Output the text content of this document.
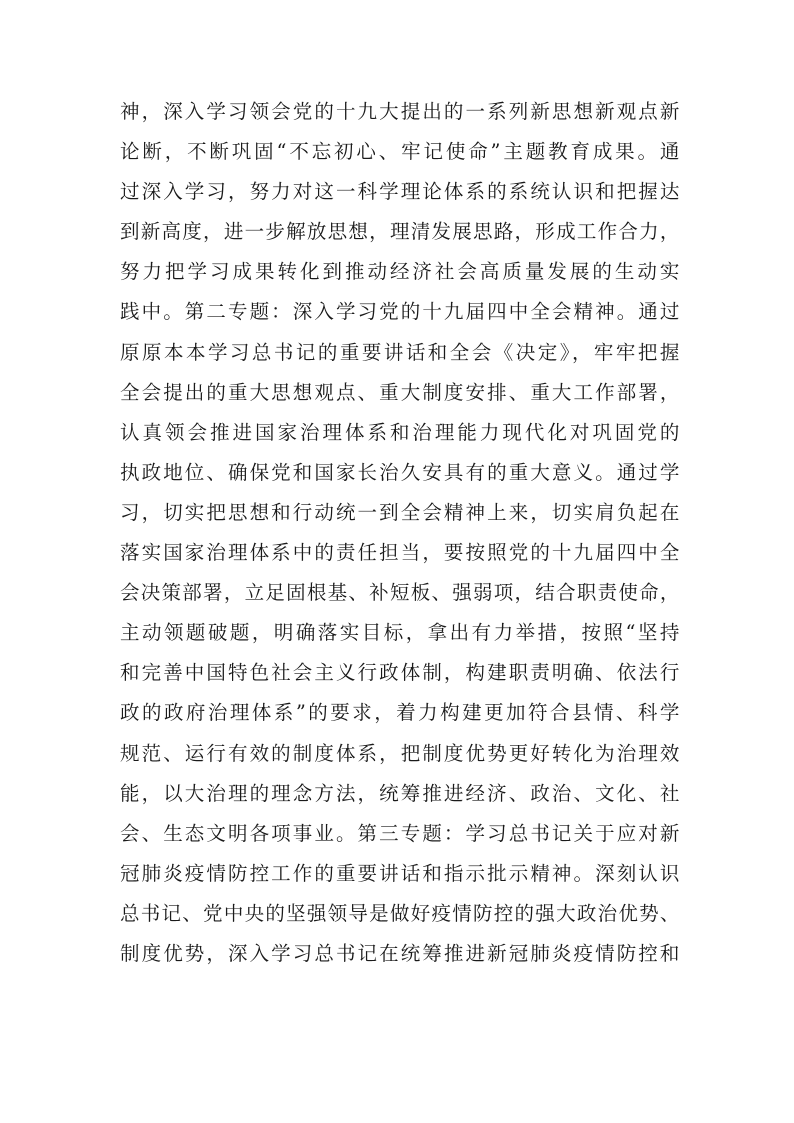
神，深入学习领会党的十九大提出的一系列新思想新观点新
论断，不断巩固“不忘初心、牢记使命”主题教育成果。通
过深入学习，努力对这一科学理论体系的系统认识和把握达
到新高度，进一步解放思想，理清发展思路，形成工作合力，
努力把学习成果转化到推动经济社会高质量发展的生动实
践中。第二专题：深入学习党的十九届四中全会精神。通过
原原本本学习总书记的重要讲话和全会《决定》，牢牢把握
全会提出的重大思想观点、重大制度安排、重大工作部署，
认真领会推进国家治理体系和治理能力现代化对巩固党的
执政地位、确保党和国家长治久安具有的重大意义。通过学
习，切实把思想和行动统一到全会精神上来，切实肩负起在
落实国家治理体系中的责任担当，要按照党的十九届四中全
会决策部署，立足固根基、补短板、强弱项，结合职责使命，
主动领题破题，明确落实目标，拿出有力举措，按照“坚持
和完善中国特色社会主义行政体制，构建职责明确、依法行
政的政府治理体系”的要求，着力构建更加符合县情、科学
规范、运行有效的制度体系，把制度优势更好转化为治理效
能，以大治理的理念方法，统筹推进经济、政治、文化、社
会、生态文明各项事业。第三专题：学习总书记关于应对新
冠肺炎疫情防控工作的重要讲话和指示批示精神。深刻认识
总书记、党中央的坚强领导是做好疫情防控的强大政治优势、
制度优势，深入学习总书记在统筹推进新冠肺炎疫情防控和
